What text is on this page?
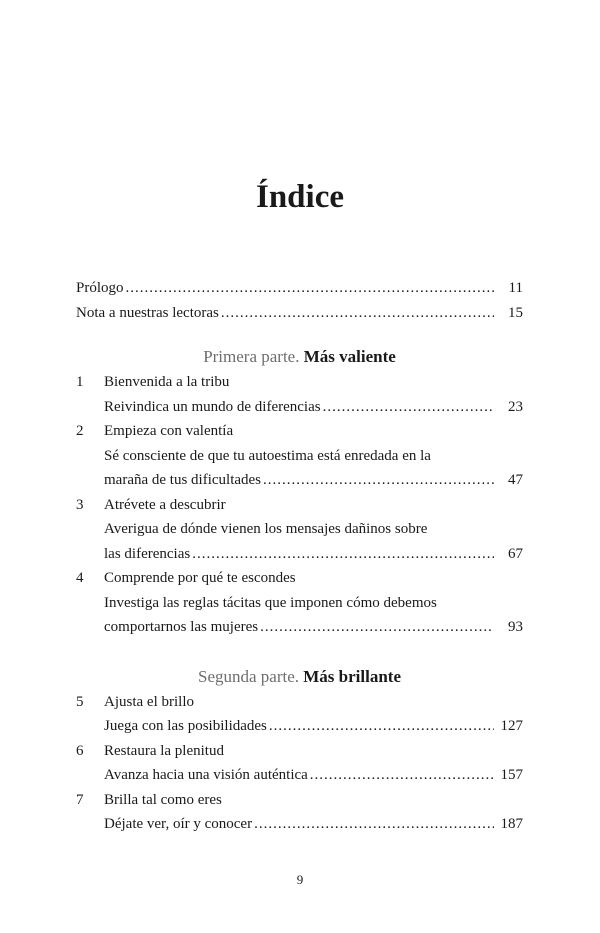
Índice
Prólogo .....	11
Nota a nuestras lectoras .....	15
Primera parte. Más valiente
1	Bienvenida a la tribu
Reivindica un mundo de diferencias .....	23
2	Empieza con valentía
Sé consciente de que tu autoestima está enredada en la
maraña de tus dificultades .....	47
3	Atrévete a descubrir
Averigua de dónde vienen los mensajes dañinos sobre
las diferencias .....	67
4	Comprende por qué te escondes
Investiga las reglas tácitas que imponen cómo debemos
comportarnos las mujeres .....	93
Segunda parte. Más brillante
5	Ajusta el brillo
Juega con las posibilidades .....	127
6	Restaura la plenitud
Avanza hacia una visión auténtica .....	157
7	Brilla tal como eres
Déjate ver, oír y conocer .....	187
9
